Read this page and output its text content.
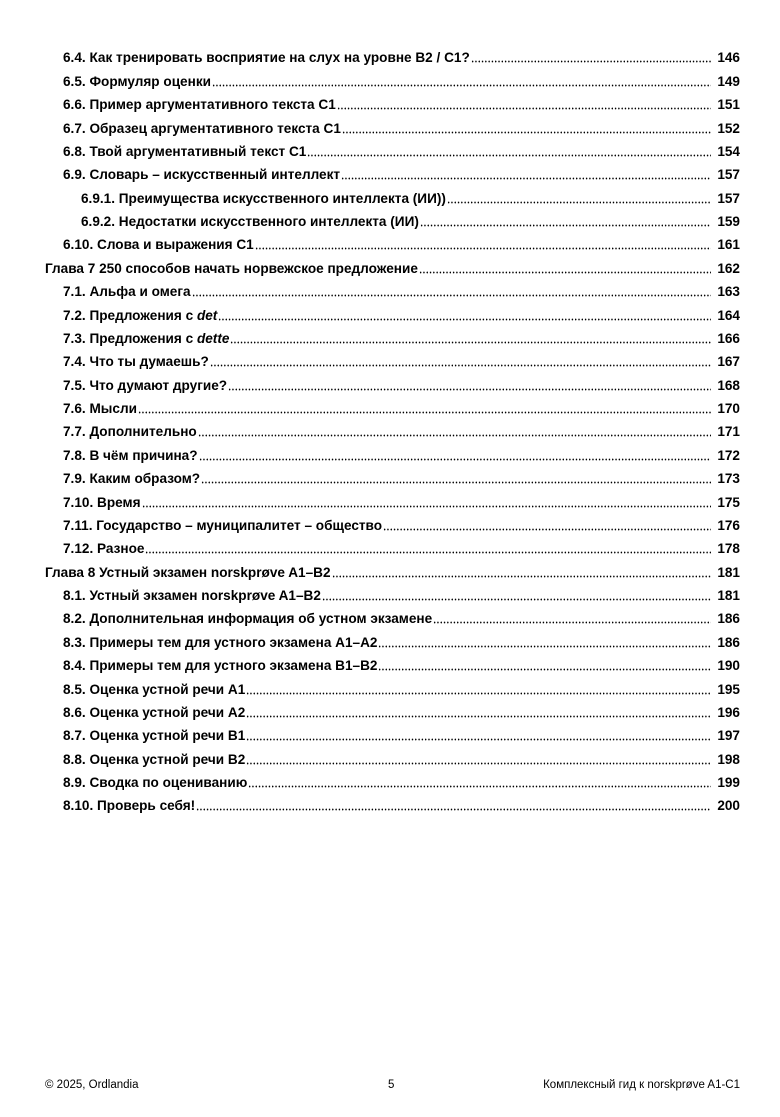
6.4. Как тренировать восприятие на слух на уровне B2 / C1?	146
6.5. Формуляр оценки	149
6.6. Пример аргументативного текста C1	151
6.7. Образец аргументативного текста C1	152
6.8. Твой аргументативный текст C1	154
6.9. Словарь – искусственный интеллект	157
6.9.1. Преимущества искусственного интеллекта (ИИ))	157
6.9.2. Недостатки искусственного интеллекта (ИИ)	159
6.10. Слова и выражения C1	161
Глава 7 250 способов начать норвежское предложение	162
7.1. Альфа и омега	163
7.2. Предложения с det	164
7.3. Предложения с dette	166
7.4. Что ты думаешь?	167
7.5. Что думают другие?	168
7.6. Мысли	170
7.7. Дополнительно	171
7.8. В чём причина?	172
7.9. Каким образом?	173
7.10. Время	175
7.11. Государство – муниципалитет – общество	176
7.12. Разное	178
Глава 8 Устный экзамен norskprøve A1–B2	181
8.1. Устный экзамен norskprøve A1–B2	181
8.2. Дополнительная информация об устном экзамене	186
8.3. Примеры тем для устного экзамена A1–A2	186
8.4. Примеры тем для устного экзамена B1–B2	190
8.5. Оценка устной речи A1	195
8.6. Оценка устной речи A2	196
8.7. Оценка устной речи B1	197
8.8. Оценка устной речи B2	198
8.9. Сводка по оцениванию	199
8.10. Проверь себя!	200
© 2025, Ordlandia	5	Комплексный гид к norskprøve A1-C1
